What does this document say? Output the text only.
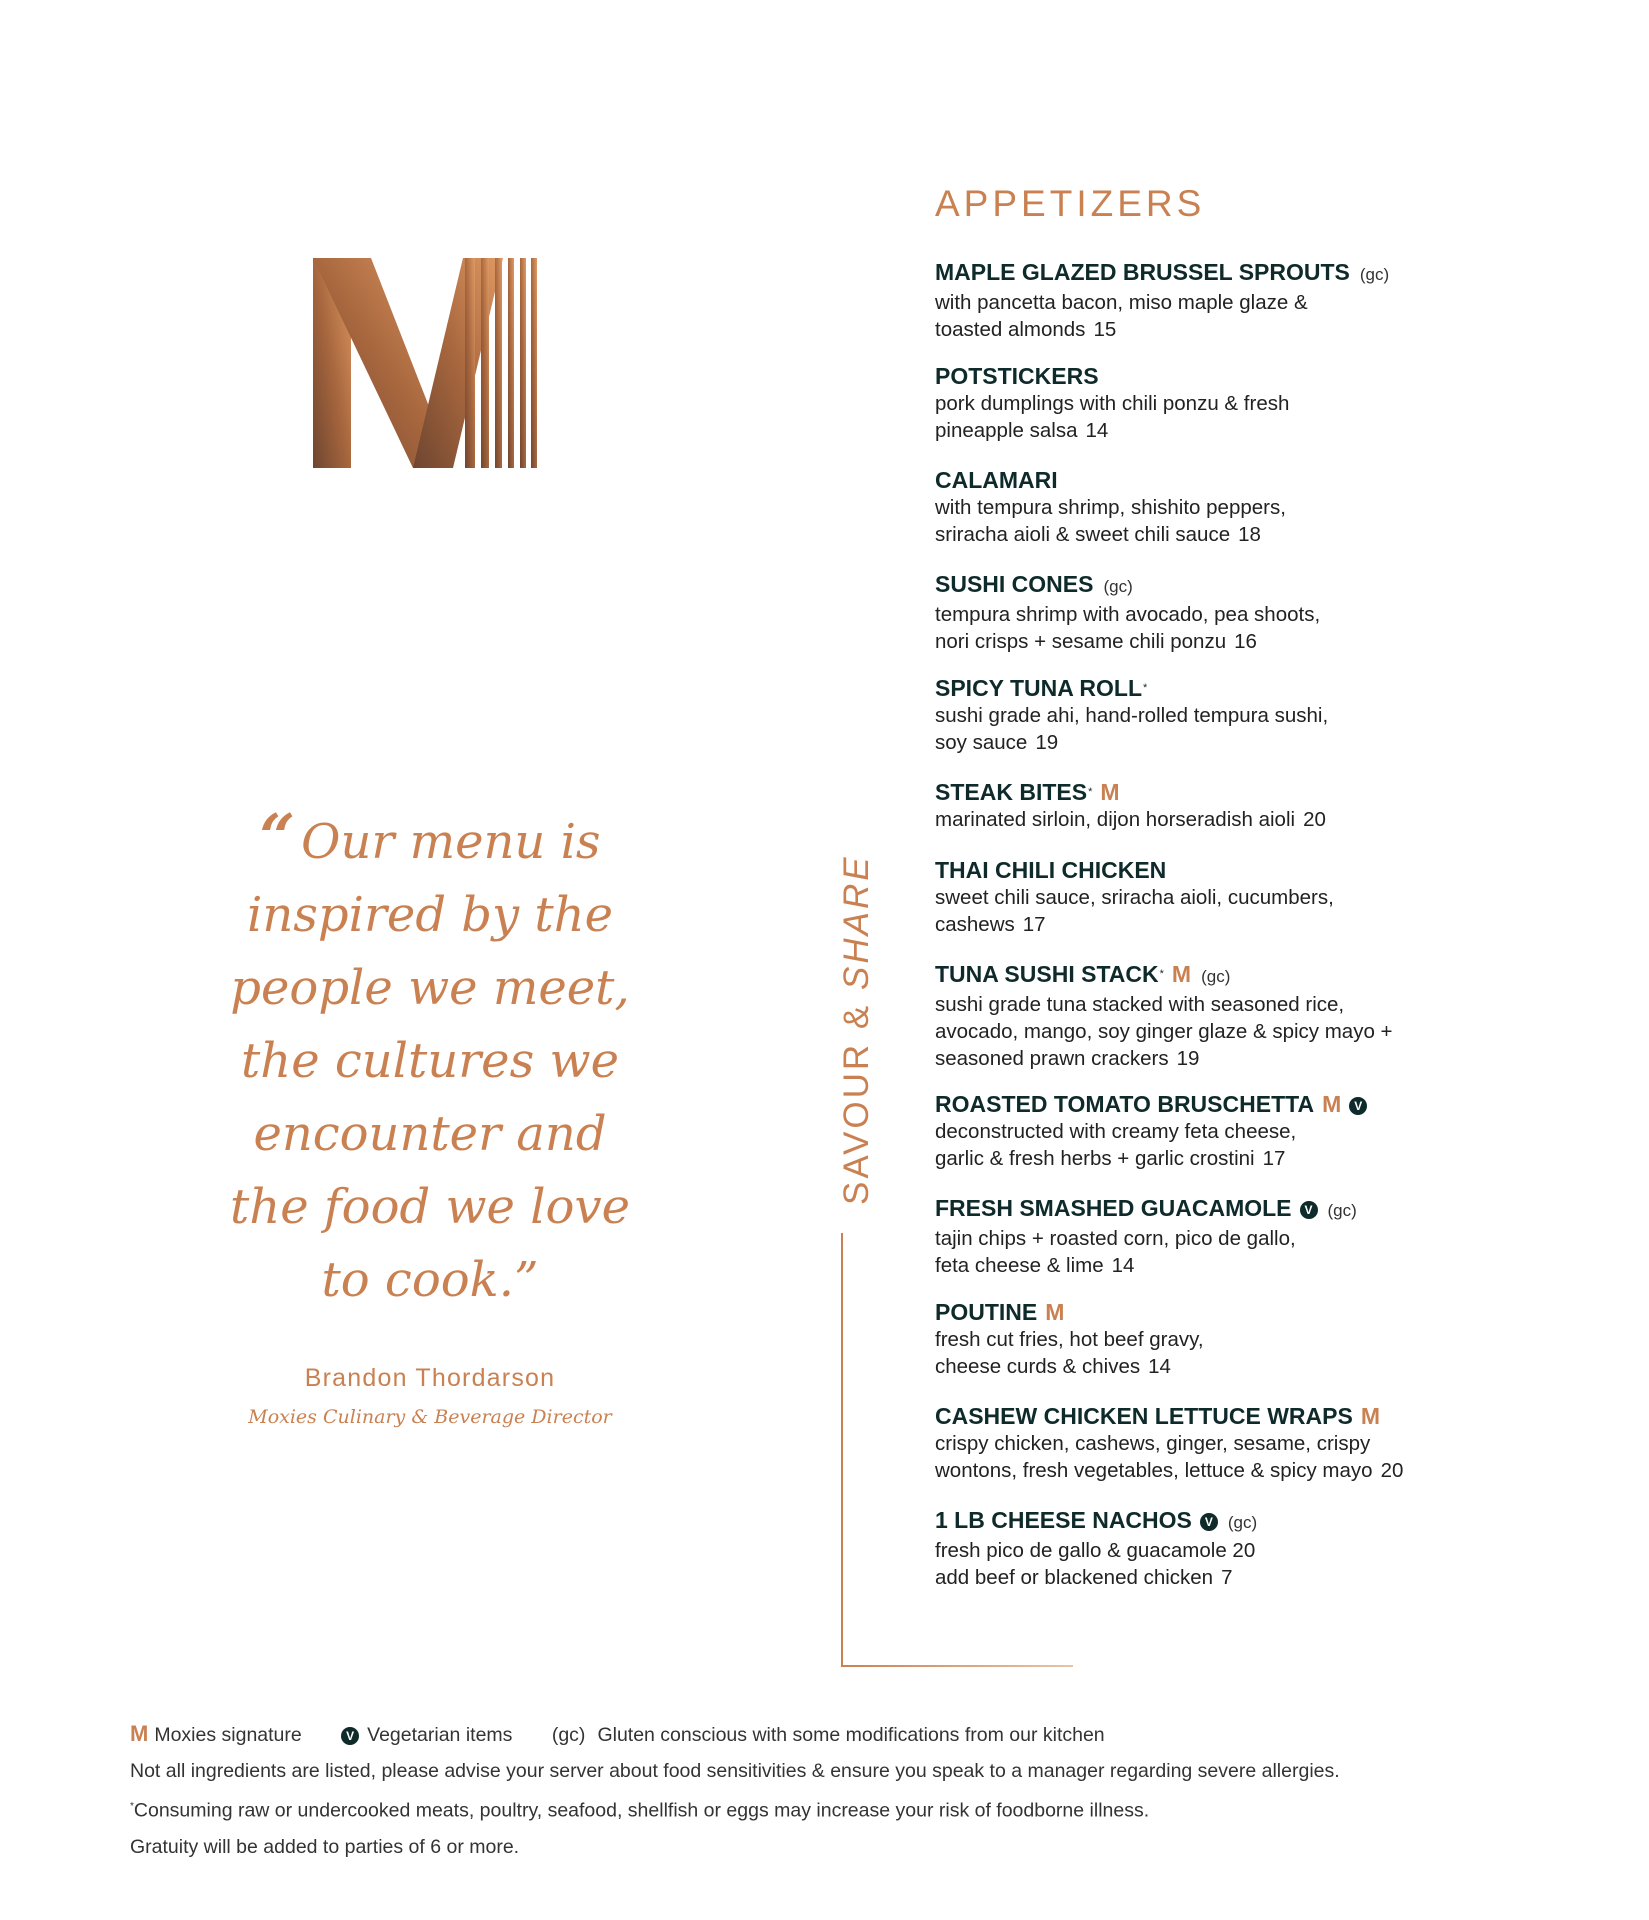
“ Our menu is
inspired by the
people we meet,
the cultures we
encounter and
the food we love
to cook.”
Brandon Thordarson
Moxies Culinary & Beverage Director
SAVOUR & SHARE
APPETIZERS
MAPLE GLAZED BRUSSEL SPROUTS (gc)
with pancetta bacon, miso maple glaze &
toasted almonds 15
POTSTICKERS
pork dumplings with chili ponzu & fresh
pineapple salsa 14
CALAMARI
with tempura shrimp, shishito peppers,
sriracha aioli & sweet chili sauce 18
SUSHI CONES (gc)
tempura shrimp with avocado, pea shoots,
nori crisps + sesame chili ponzu 16
SPICY TUNA ROLL*
sushi grade ahi, hand-rolled tempura sushi,
soy sauce 19
STEAK BITES* M
marinated sirloin, dijon horseradish aioli 20
THAI CHILI CHICKEN
sweet chili sauce, sriracha aioli, cucumbers,
cashews 17
TUNA SUSHI STACK* M (gc)
sushi grade tuna stacked with seasoned rice,
avocado, mango, soy ginger glaze & spicy mayo +
seasoned prawn crackers 19
ROASTED TOMATO BRUSCHETTA M V
deconstructed with creamy feta cheese,
garlic & fresh herbs + garlic crostini 17
FRESH SMASHED GUACAMOLE V (gc)
tajin chips + roasted corn, pico de gallo,
feta cheese & lime 14
POUTINE M
fresh cut fries, hot beef gravy,
cheese curds & chives 14
CASHEW CHICKEN LETTUCE WRAPS M
crispy chicken, cashews, ginger, sesame, crispy
wontons, fresh vegetables, lettuce & spicy mayo 20
1 LB CHEESE NACHOS V (gc)
fresh pico de gallo & guacamole 20
add beef or blackened chicken 7
M Moxies signature	V Vegetarian items (gc) Gluten conscious with some modifications from our kitchen
Not all ingredients are listed, please advise your server about food sensitivities & ensure you speak to a manager regarding severe allergies.
*Consuming raw or undercooked meats, poultry, seafood, shellfish or eggs may increase your risk of foodborne illness.
Gratuity will be added to parties of 6 or more.
